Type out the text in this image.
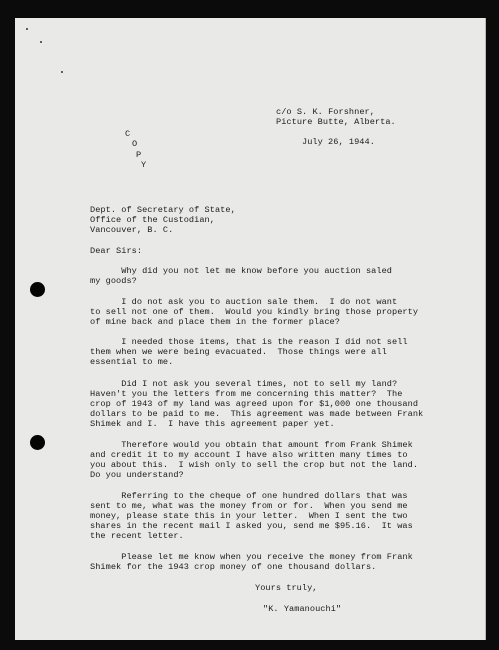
c/o S. K. Forshner,
Picture Butte, Alberta.
July 26, 1944.
C
O
P
Y
Dept. of Secretary of State,
Office of the Custodian,
Vancouver, B. C.
Dear Sirs:
Why did you not let me know before you auction saled
my goods?
I do not ask you to auction sale them.  I do not want
to sell not one of them.  Would you kindly bring those property
of mine back and place them in the former place?
I needed those items, that is the reason I did not sell
them when we were being evacuated.  Those things were all
essential to me.
Did I not ask you several times, not to sell my land?
Haven't you the letters from me concerning this matter?  The
crop of 1943 of my land was agreed upon for $1,000 one thousand
dollars to be paid to me.  This agreement was made between Frank
Shimek and I.  I have this agreement paper yet.
Therefore would you obtain that amount from Frank Shimek
and credit it to my account I have also written many times to
you about this.  I wish only to sell the crop but not the land.
Do you understand?
Referring to the cheque of one hundred dollars that was
sent to me, what was the money from or for.  When you send me
money, please state this in your letter.  When I sent the two
shares in the recent mail I asked you, send me $95.16.  It was
the recent letter.
Please let me know when you receive the money from Frank
Shimek for the 1943 crop money of one thousand dollars.
Yours truly,
"K. Yamanouchi"
